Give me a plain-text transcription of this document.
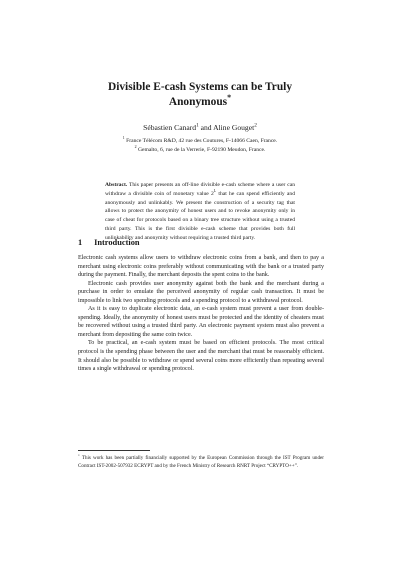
Divisible E-cash Systems can be Truly
Anonymous*
Sébastien Canard$^1$ and Aline Gouget$^2$
$^1$ France Télécom R&D, 42 rue des Coutures, F-14066 Caen, France.
$^2$ Gemalto, 6, rue de la Verrerie, F-92190 Meudon, France.
Abstract. This paper presents an off-line divisible e-cash scheme where a user can withdraw a divisible coin of monetary value $2^L$ that he can spend efficiently and anonymously and unlinkably. We present the construction of a security tag that allows to protect the anonymity of honest users and to revoke anonymity only in case of cheat for protocols based on a binary tree structure without using a trusted third party. This is the first divisible e-cash scheme that provides both full unlinkability and anonymity without requiring a trusted third party.
1 Introduction

Electronic cash systems allow users to withdraw electronic coins from a bank, and then to pay a merchant using electronic coins preferably without communicating with the bank or a trusted party during the payment. Finally, the merchant deposits the spent coins to the bank.

Electronic cash provides user anonymity against both the bank and the merchant during a purchase in order to emulate the perceived anonymity of regular cash transaction. It must be impossible to link two spending protocols and a spending protocol to a withdrawal protocol.

As it is easy to duplicate electronic data, an e-cash system must prevent a user from double-spending. Ideally, the anonymity of honest users must be protected and the identity of cheaters must be recovered without using a trusted third party. An electronic payment system must also prevent a merchant from depositing the same coin twice.

To be practical, an e-cash system must be based on efficient protocols. The most critical protocol is the spending phase between the user and the merchant that must be reasonably efficient. It should also be possible to withdraw or spend several coins more efficiently than repeating several times a single withdrawal or spending protocol.

* This work has been partially financially supported by the European Commission through the IST Program under Contract IST-2002-507932 ECRYPT and by the French Ministry of Research RNRT Project “CRYPTO++”.
